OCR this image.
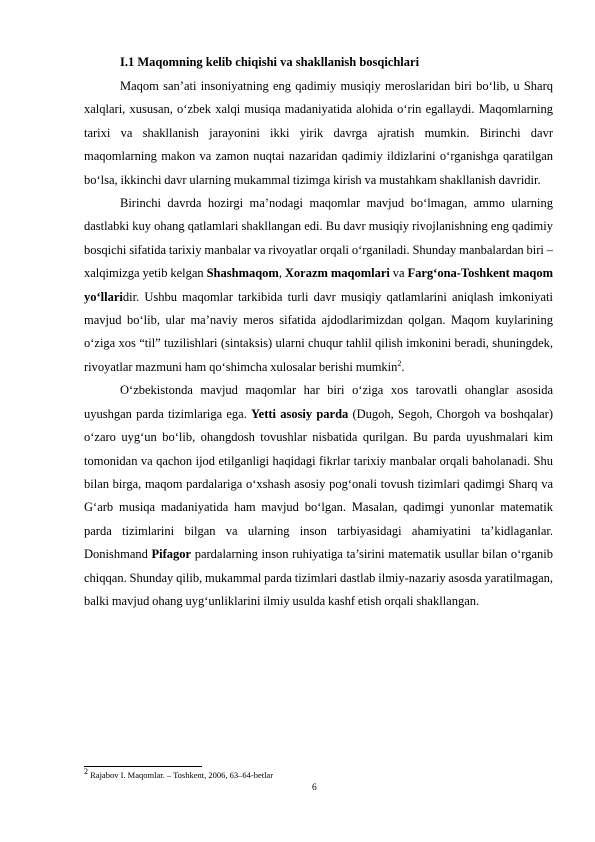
I.1 Maqomning kelib chiqishi va shakllanish bosqichlari

Maqom san’ati insoniyatning eng qadimiy musiqiy meroslaridan biri bo‘lib, u Sharq xalqlari, xususan, o‘zbek xalqi musiqa madaniyatida alohida o‘rin egallaydi. Maqomlarning tarixi va shakllanish jarayonini ikki yirik davrga ajratish mumkin. Birinchi davr maqomlarning makon va zamon nuqtai nazaridan qadimiy ildizlarini o‘rganishga qaratilgan bo‘lsa, ikkinchi davr ularning mukammal tizimga kirish va mustahkam shakllanish davridir.

Birinchi davrda hozirgi ma’nodagi maqomlar mavjud bo‘lmagan, ammo ularning dastlabki kuy ohang qatlamlari shakllangan edi. Bu davr musiqiy rivojlanishning eng qadimiy bosqichi sifatida tarixiy manbalar va rivoyatlar orqali o‘rganiladi. Shunday manbalardan biri – xalqimizga yetib kelgan Shashmaqom, Xorazm maqomlari va Farg‘ona-Toshkent maqom yo‘llaridir. Ushbu maqomlar tarkibida turli davr musiqiy qatlamlarini aniqlash imkoniyati mavjud bo‘lib, ular ma’naviy meros sifatida ajdodlarimizdan qolgan. Maqom kuylarining o‘ziga xos “til” tuzilishlari (sintaksis) ularni chuqur tahlil qilish imkonini beradi, shuningdek, rivoyatlar mazmuni ham qo‘shimcha xulosalar berishi mumkin$^2$.

O‘zbekistonda mavjud maqomlar har biri o‘ziga xos tarovatli ohanglar asosida uyushgan parda tizimlariga ega. Yetti asosiy parda (Dugoh, Segoh, Chorgoh va boshqalar) o‘zaro uyg‘un bo‘lib, ohangdosh tovushlar nisbatida qurilgan. Bu parda uyushmalari kim tomonidan va qachon ijod etilganligi haqidagi fikrlar tarixiy manbalar orqali baholanadi. Shu bilan birga, maqom pardalariga o‘xshash asosiy pog‘onali tovush tizimlari qadimgi Sharq va G‘arb musiqa madaniyatida ham mavjud bo‘lgan. Masalan, qadimgi yunonlar matematik parda tizimlarini bilgan va ularning inson tarbiyasidagi ahamiyatini ta’kidlaganlar. Donishmand Pifagor pardalarning inson ruhiyatiga ta’sirini matematik usullar bilan o‘rganib chiqqan. Shunday qilib, mukammal parda tizimlari dastlab ilmiy-nazariy asosda yaratilmagan, balki mavjud ohang uyg‘unliklarini ilmiy usulda kashf etish orqali shakllangan.

$^2$ Rajabov I. Maqomlar. – Toshkent, 2006, 63–64-betlar
6
